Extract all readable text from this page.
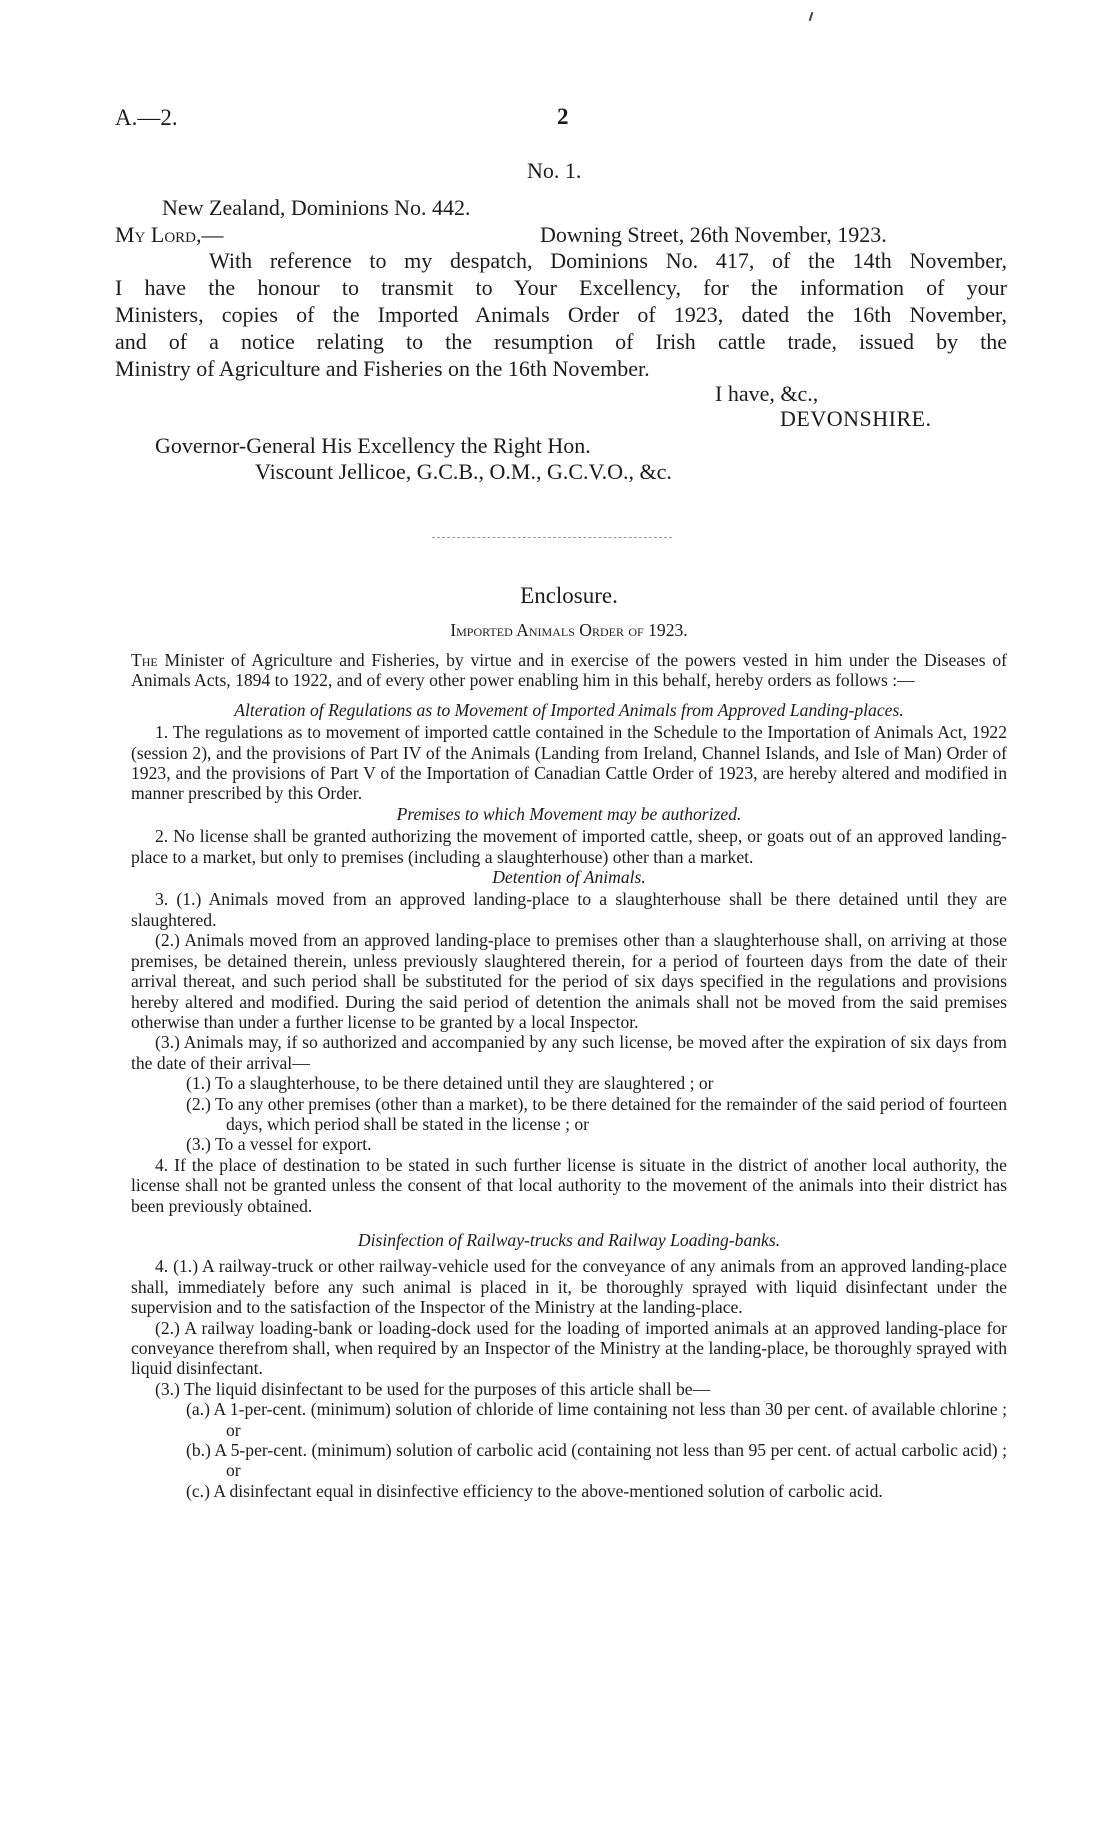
A.—2.	2
No. 1.
New Zealand, Dominions No. 442.
My Lord,—	Downing Street, 26th November, 1923.
With reference to my despatch, Dominions No. 417, of the 14th November,
I have the honour to transmit to Your Excellency, for the information of your
Ministers, copies of the Imported Animals Order of 1923, dated the 16th November,
and of a notice relating to the resumption of Irish cattle trade, issued by the
Ministry of Agriculture and Fisheries on the 16th November.
I have, &c.,
DEVONSHIRE.
Governor-General His Excellency the Right Hon.
Viscount Jellicoe, G.C.B., O.M., G.C.V.O., &c.
Enclosure.
Imported Animals Order of 1923.

The Minister of Agriculture and Fisheries, by virtue and in exercise of the powers vested in him under the Diseases of Animals Acts, 1894 to 1922, and of every other power enabling him in this behalf, hereby orders as follows :—

Alteration of Regulations as to Movement of Imported Animals from Approved Landing-places.

1. The regulations as to movement of imported cattle contained in the Schedule to the Importation of Animals Act, 1922 (session 2), and the provisions of Part IV of the Animals (Landing from Ireland, Channel Islands, and Isle of Man) Order of 1923, and the provisions of Part V of the Importation of Canadian Cattle Order of 1923, are hereby altered and modified in manner prescribed by this Order.

Premises to which Movement may be authorized.

2. No license shall be granted authorizing the movement of imported cattle, sheep, or goats out of an approved landing-place to a market, but only to premises (including a slaughterhouse) other than a market.

Detention of Animals.

3. (1.) Animals moved from an approved landing-place to a slaughterhouse shall be there detained until they are slaughtered.

(2.) Animals moved from an approved landing-place to premises other than a slaughterhouse shall, on arriving at those premises, be detained therein, unless previously slaughtered therein, for a period of fourteen days from the date of their arrival thereat, and such period shall be substituted for the period of six days specified in the regulations and provisions hereby altered and modified. During the said period of detention the animals shall not be moved from the said premises otherwise than under a further license to be granted by a local Inspector.

(3.) Animals may, if so authorized and accompanied by any such license, be moved after the expiration of six days from the date of their arrival—

(1.) To a slaughterhouse, to be there detained until they are slaughtered ; or

(2.) To any other premises (other than a market), to be there detained for the remainder of the said period of fourteen days, which period shall be stated in the license ; or

(3.) To a vessel for export.

4. If the place of destination to be stated in such further license is situate in the district of another local authority, the license shall not be granted unless the consent of that local authority to the movement of the animals into their district has been previously obtained.

Disinfection of Railway-trucks and Railway Loading-banks.

4. (1.) A railway-truck or other railway-vehicle used for the conveyance of any animals from an approved landing-place shall, immediately before any such animal is placed in it, be thoroughly sprayed with liquid disinfectant under the supervision and to the satisfaction of the Inspector of the Ministry at the landing-place.

(2.) A railway loading-bank or loading-dock used for the loading of imported animals at an approved landing-place for conveyance therefrom shall, when required by an Inspector of the Ministry at the landing-place, be thoroughly sprayed with liquid disinfectant.

(3.) The liquid disinfectant to be used for the purposes of this article shall be—

(a.) A 1-per-cent. (minimum) solution of chloride of lime containing not less than 30 per cent. of available chlorine ; or

(b.) A 5-per-cent. (minimum) solution of carbolic acid (containing not less than 95 per cent. of actual carbolic acid) ; or

(c.) A disinfectant equal in disinfective efficiency to the above-mentioned solution of carbolic acid.
